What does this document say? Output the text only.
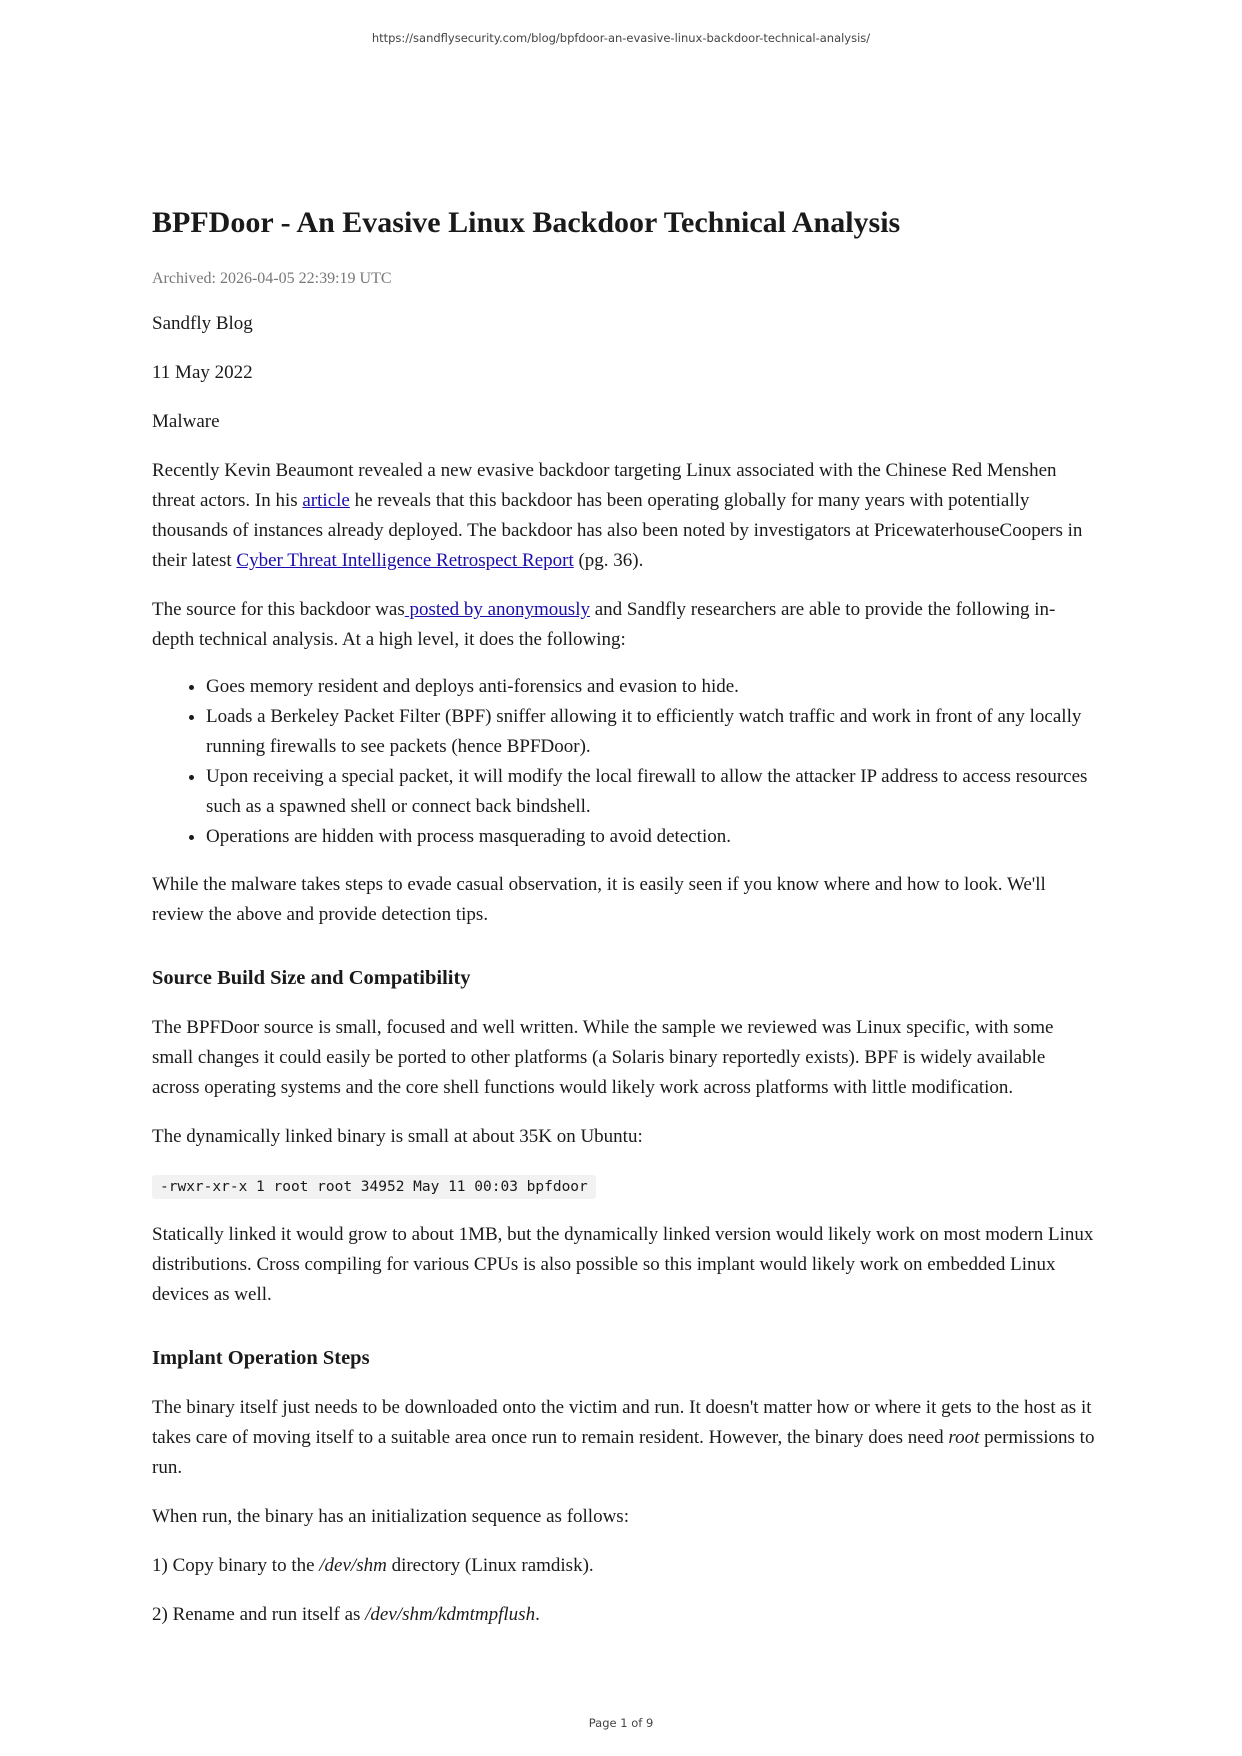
https://sandflysecurity.com/blog/bpfdoor-an-evasive-linux-backdoor-technical-analysis/
BPFDoor - An Evasive Linux Backdoor Technical Analysis
Archived: 2026-04-05 22:39:19 UTC

Sandfly Blog

11 May 2022

Malware

Recently Kevin Beaumont revealed a new evasive backdoor targeting Linux associated with the Chinese Red Menshen threat actors. In his article he reveals that this backdoor has been operating globally for many years with potentially thousands of instances already deployed. The backdoor has also been noted by investigators at PricewaterhouseCoopers in their latest Cyber Threat Intelligence Retrospect Report (pg. 36).

The source for this backdoor was posted by anonymously and Sandfly researchers are able to provide the following in-depth technical analysis. At a high level, it does the following:

• Goes memory resident and deploys anti-forensics and evasion to hide.
• Loads a Berkeley Packet Filter (BPF) sniffer allowing it to efficiently watch traffic and work in front of any locally running firewalls to see packets (hence BPFDoor).
• Upon receiving a special packet, it will modify the local firewall to allow the attacker IP address to access resources such as a spawned shell or connect back bindshell.
• Operations are hidden with process masquerading to avoid detection.

While the malware takes steps to evade casual observation, it is easily seen if you know where and how to look. We'll review the above and provide detection tips.

Source Build Size and Compatibility

The BPFDoor source is small, focused and well written. While the sample we reviewed was Linux specific, with some small changes it could easily be ported to other platforms (a Solaris binary reportedly exists). BPF is widely available across operating systems and the core shell functions would likely work across platforms with little modification.

The dynamically linked binary is small at about 35K on Ubuntu:

-rwxr-xr-x 1 root root 34952 May 11 00:03 bpfdoor

Statically linked it would grow to about 1MB, but the dynamically linked version would likely work on most modern Linux distributions. Cross compiling for various CPUs is also possible so this implant would likely work on embedded Linux devices as well.

Implant Operation Steps

The binary itself just needs to be downloaded onto the victim and run. It doesn't matter how or where it gets to the host as it takes care of moving itself to a suitable area once run to remain resident. However, the binary does need root permissions to run.

When run, the binary has an initialization sequence as follows:

1) Copy binary to the /dev/shm directory (Linux ramdisk).

2) Rename and run itself as /dev/shm/kdmtmpflush.

Page 1 of 9
